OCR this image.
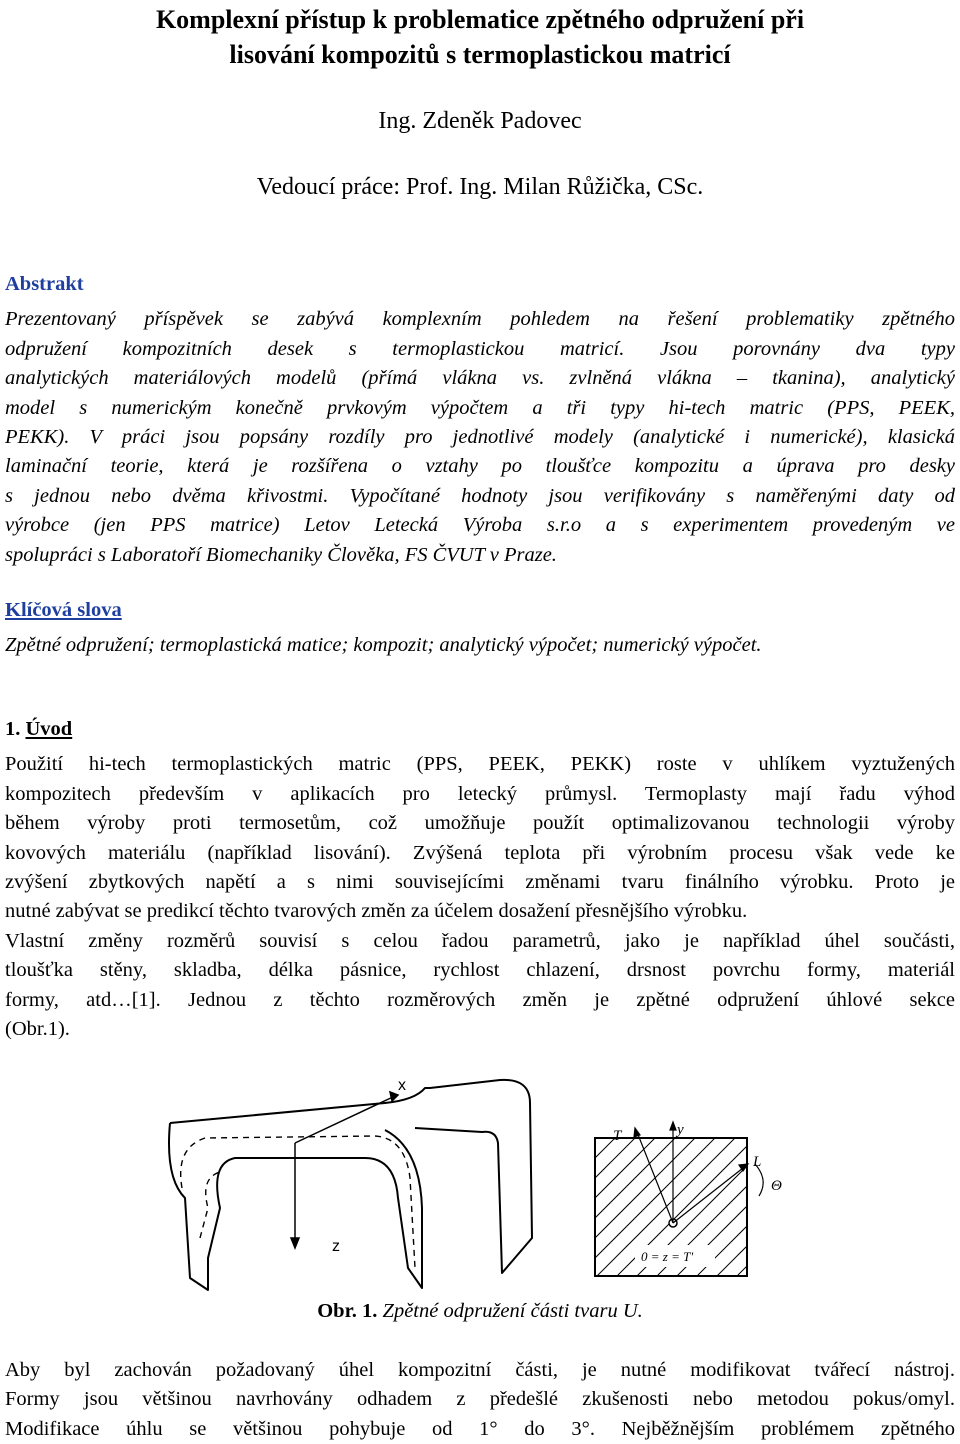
Komplexní přístup k problematice zpětného odpružení při
lisování kompozitů s termoplastickou matricí
Ing. Zdeněk Padovec
Vedoucí práce: Prof. Ing. Milan Růžička, CSc.
Abstrakt
Prezentovaný příspěvek se zabývá komplexním pohledem na řešení problematiky zpětného
odpružení kompozitních desek s termoplastickou matricí. Jsou porovnány dva typy
analytických materiálových modelů (přímá vlákna vs. zvlněná vlákna – tkanina), analytický
model s numerickým konečně prvkovým výpočtem a tři typy hi-tech matric (PPS, PEEK,
PEKK). V práci jsou popsány rozdíly pro jednotlivé modely (analytické i numerické), klasická
laminační teorie, která je rozšířena o vztahy po tloušťce kompozitu a úprava pro desky
s jednou nebo dvěma křivostmi. Vypočítané hodnoty jsou verifikovány s naměřenými daty od
výrobce (jen PPS matrice) Letov Letecká Výroba s.r.o a s experimentem provedeným ve
spolupráci s Laboratoří Biomechaniky Člověka, FS ČVUT v Praze.
Klíčová slova
Zpětné odpružení; termoplastická matice; kompozit; analytický výpočet; numerický výpočet.
1. Úvod
Použití hi-tech termoplastických matric (PPS, PEEK, PEKK) roste v uhlíkem vyztužených
kompozitech především v aplikacích pro letecký průmysl. Termoplasty mají řadu výhod
během výroby proti termosetům, což umožňuje použít optimalizovanou technologii výroby
kovových materiálu (například lisování). Zvýšená teplota při výrobním procesu však vede ke
zvýšení zbytkových napětí a s nimi souvisejícími změnami tvaru finálního výrobku. Proto je
nutné zabývat se predikcí těchto tvarových změn za účelem dosažení přesnějšího výrobku.
Vlastní změny rozměrů souvisí s celou řadou parametrů, jako je například úhel součásti,
tloušťka stěny, skladba, délka pásnice, rychlost chlazení, drsnost povrchu formy, materiál
formy, atd…[1]. Jednou z těchto rozměrových změn je zpětné odpružení úhlové sekce
(Obr.1).
x
z
T	y
L
Θ
0 = z = T'
Obr. 1. Zpětné odpružení části tvaru U.
Aby byl zachován požadovaný úhel kompozitní části, je nutné modifikovat tvářecí nástroj.
Formy jsou většinou navrhovány odhadem z předešlé zkušenosti nebo metodou pokus/omyl.
Modifikace úhlu se většinou pohybuje od 1° do 3°. Nejběžnějším problémem zpětného
